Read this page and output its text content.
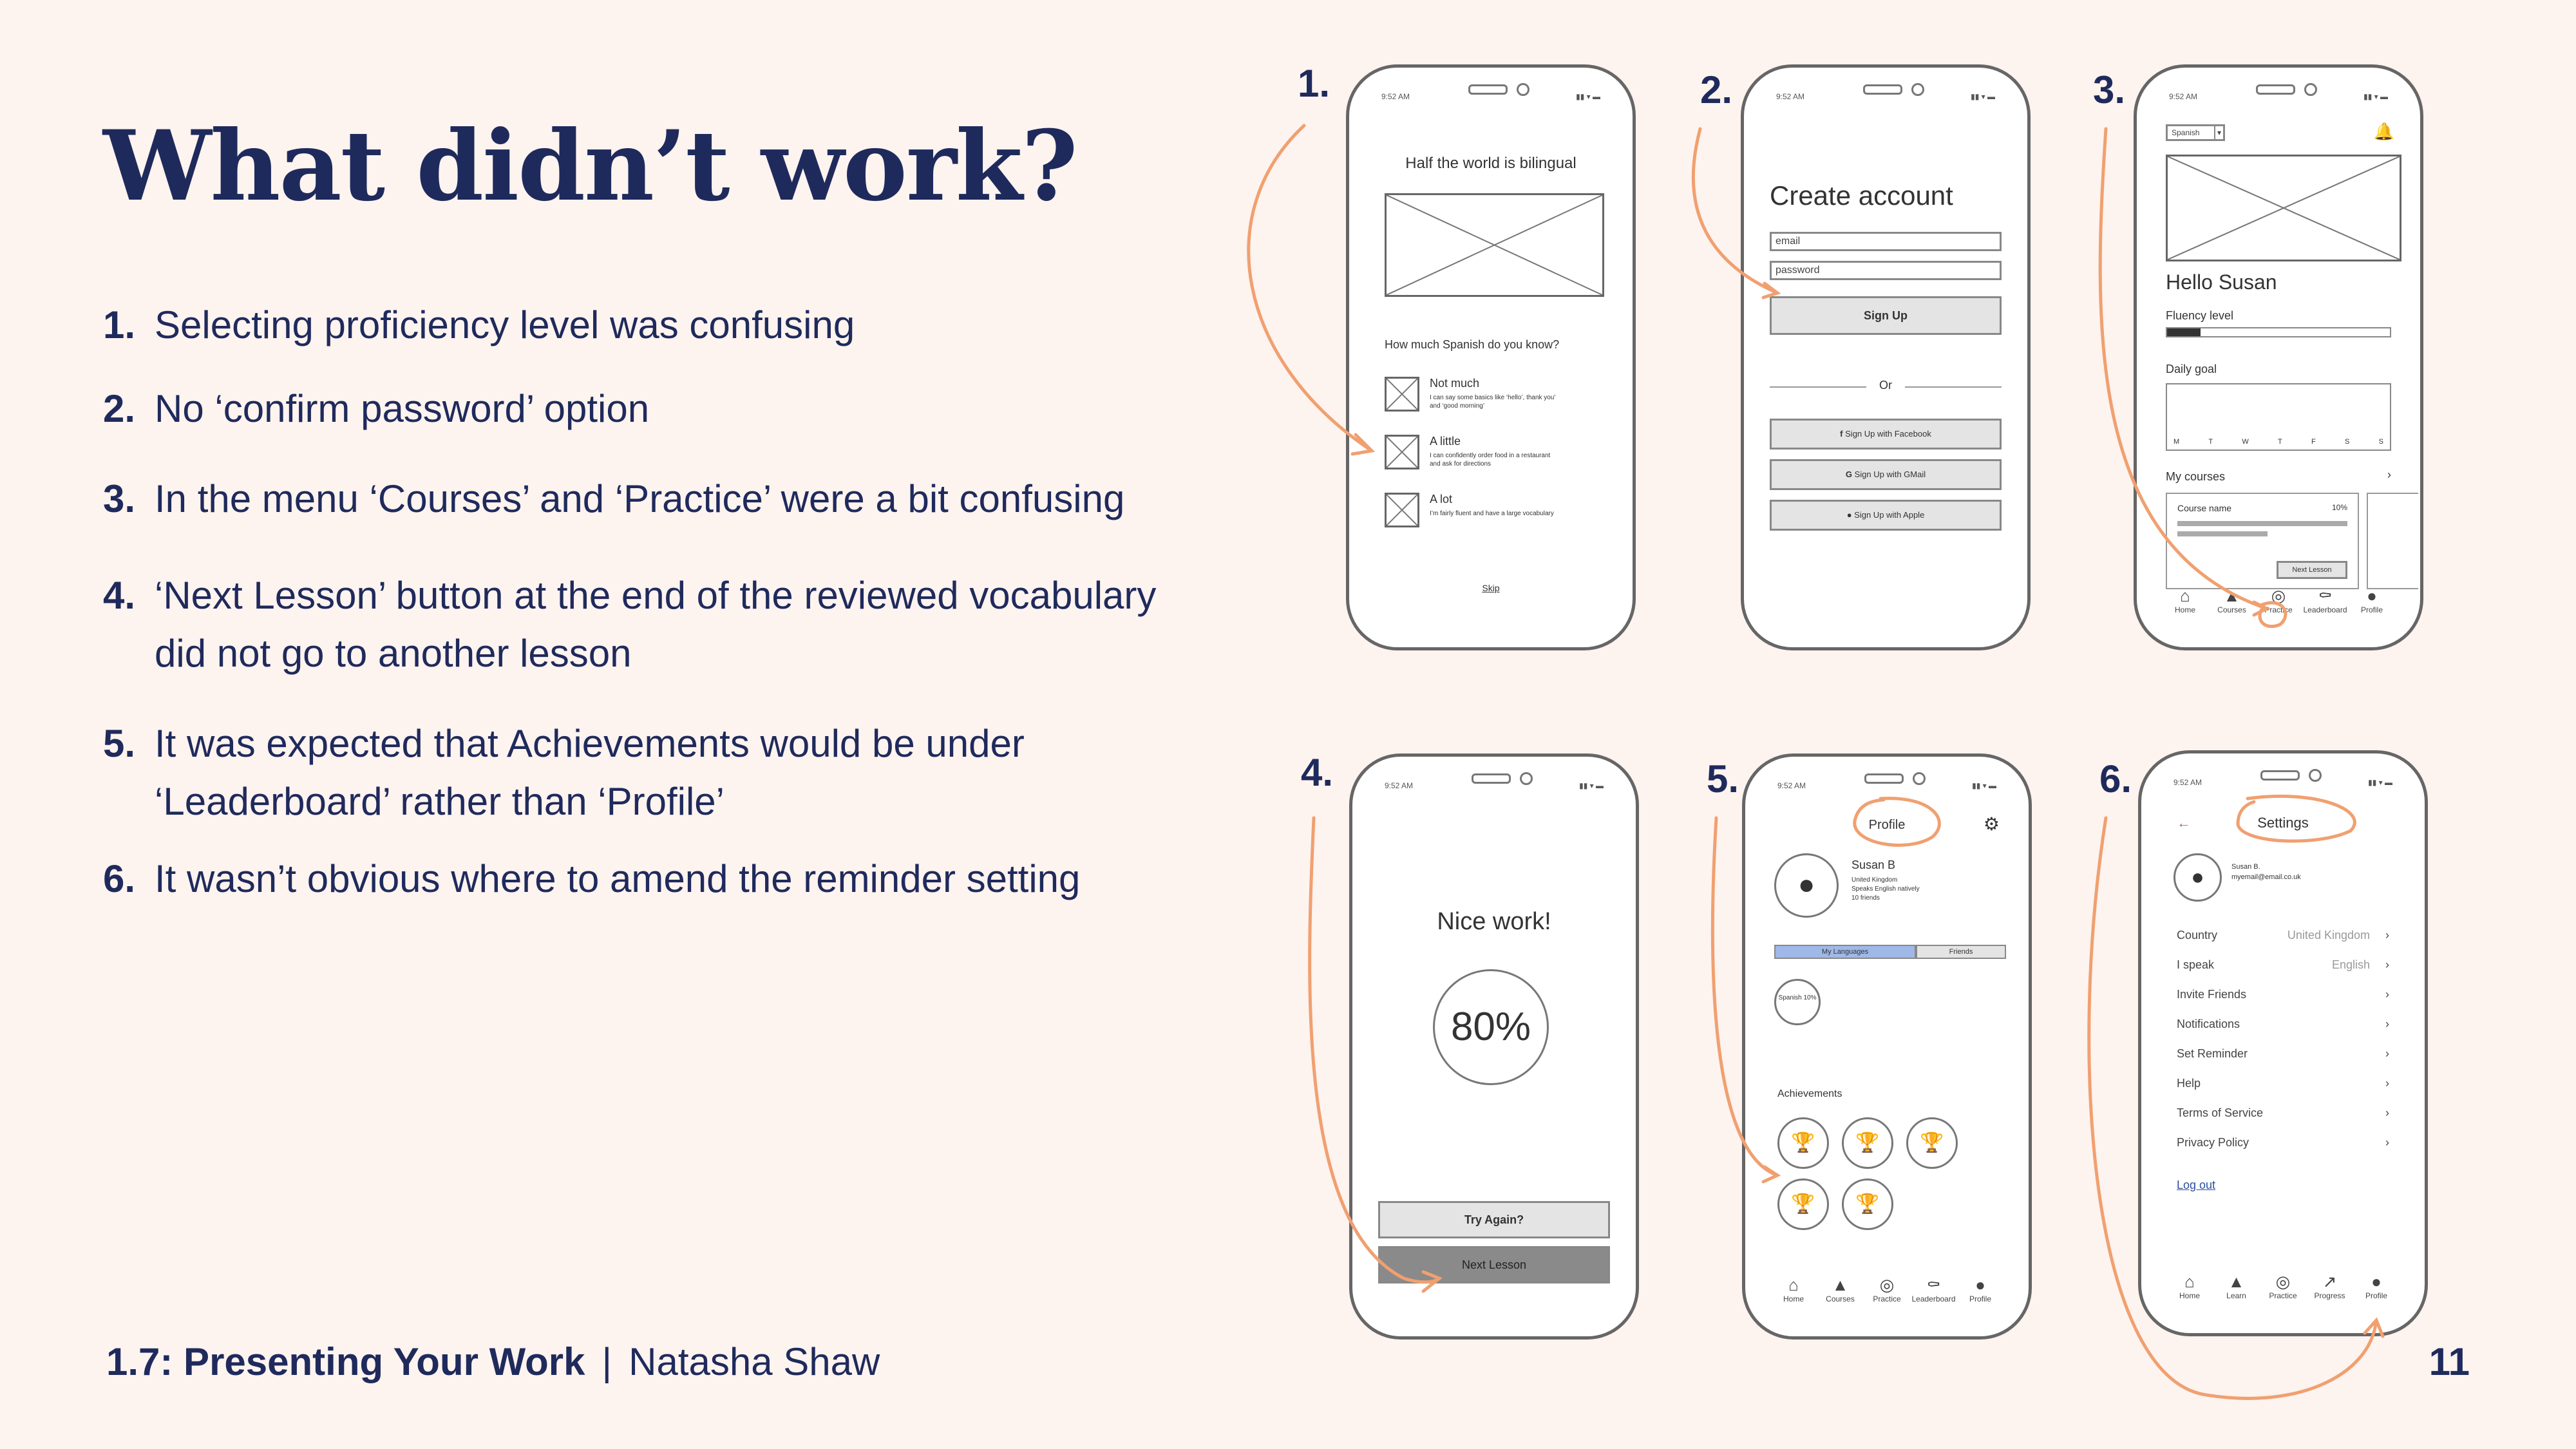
What didn’t work?
1. Selecting proficiency level was confusing
2. No ‘confirm password’ option
3. In the menu ‘Courses’ and ‘Practice’ were a bit confusing
4. ‘Next Lesson’ button at the end of the reviewed vocabulary did not go to another lesson
5. It was expected that Achievements would be under ‘Leaderboard’ rather than ‘Profile’
6. It wasn’t obvious where to amend the reminder setting
1.7: Presenting Your Work | Natasha Shaw	11
1.	2.	3.
4.	5.	6.
9:52 AM	▮▮ ▾ ▬
Half the world is bilingual
How much Spanish do you know?
Not much
I can say some basics like ‘hello’, thank you’ and ‘good morning’
A little
I can confidently order food in a restaurant and ask for directions
A lot
I’m fairly fluent and have a large vocabulary
Skip
9:52 AM	▮▮ ▾ ▬
Create account
email
password
Sign Up
Or
f Sign Up with Facebook
G Sign Up with GMail
● Sign Up with Apple
9:52 AM	▮▮ ▾ ▬
Spanish	▾	🔔
Hello Susan
Fluency level
Daily goal
M	T	W	T	F	S	S
My courses	›
Course name	10%
Next Lesson
⌂
Home
▲
Courses
◎
Practice
⚰
Leaderboard
●
Profile
9:52 AM	▮▮ ▾ ▬
Nice work!
80%
Try Again?
Next Lesson
9:52 AM	▮▮ ▾ ▬
Profile	⚙
●
Susan B
United Kingdom
Speaks English natively
10 friends
My Languages	Friends
Spanish 10%
Achievements
🏆	🏆	🏆
🏆	🏆
⌂
Home
▲
Courses
◎
Practice
⚰
Leaderboard
●
Profile
9:52 AM	▮▮ ▾ ▬
←	Settings
●	Susan B.
myemail@email.co.uk
Country	United Kingdom ›
I speak	English ›
Invite Friends	›
Notifications	›
Set Reminder	›
Help	›
Terms of Service	›
Privacy Policy	›
Log out
⌂
Home
▲
Learn
◎
Practice
↗
Progress
●
Profile
